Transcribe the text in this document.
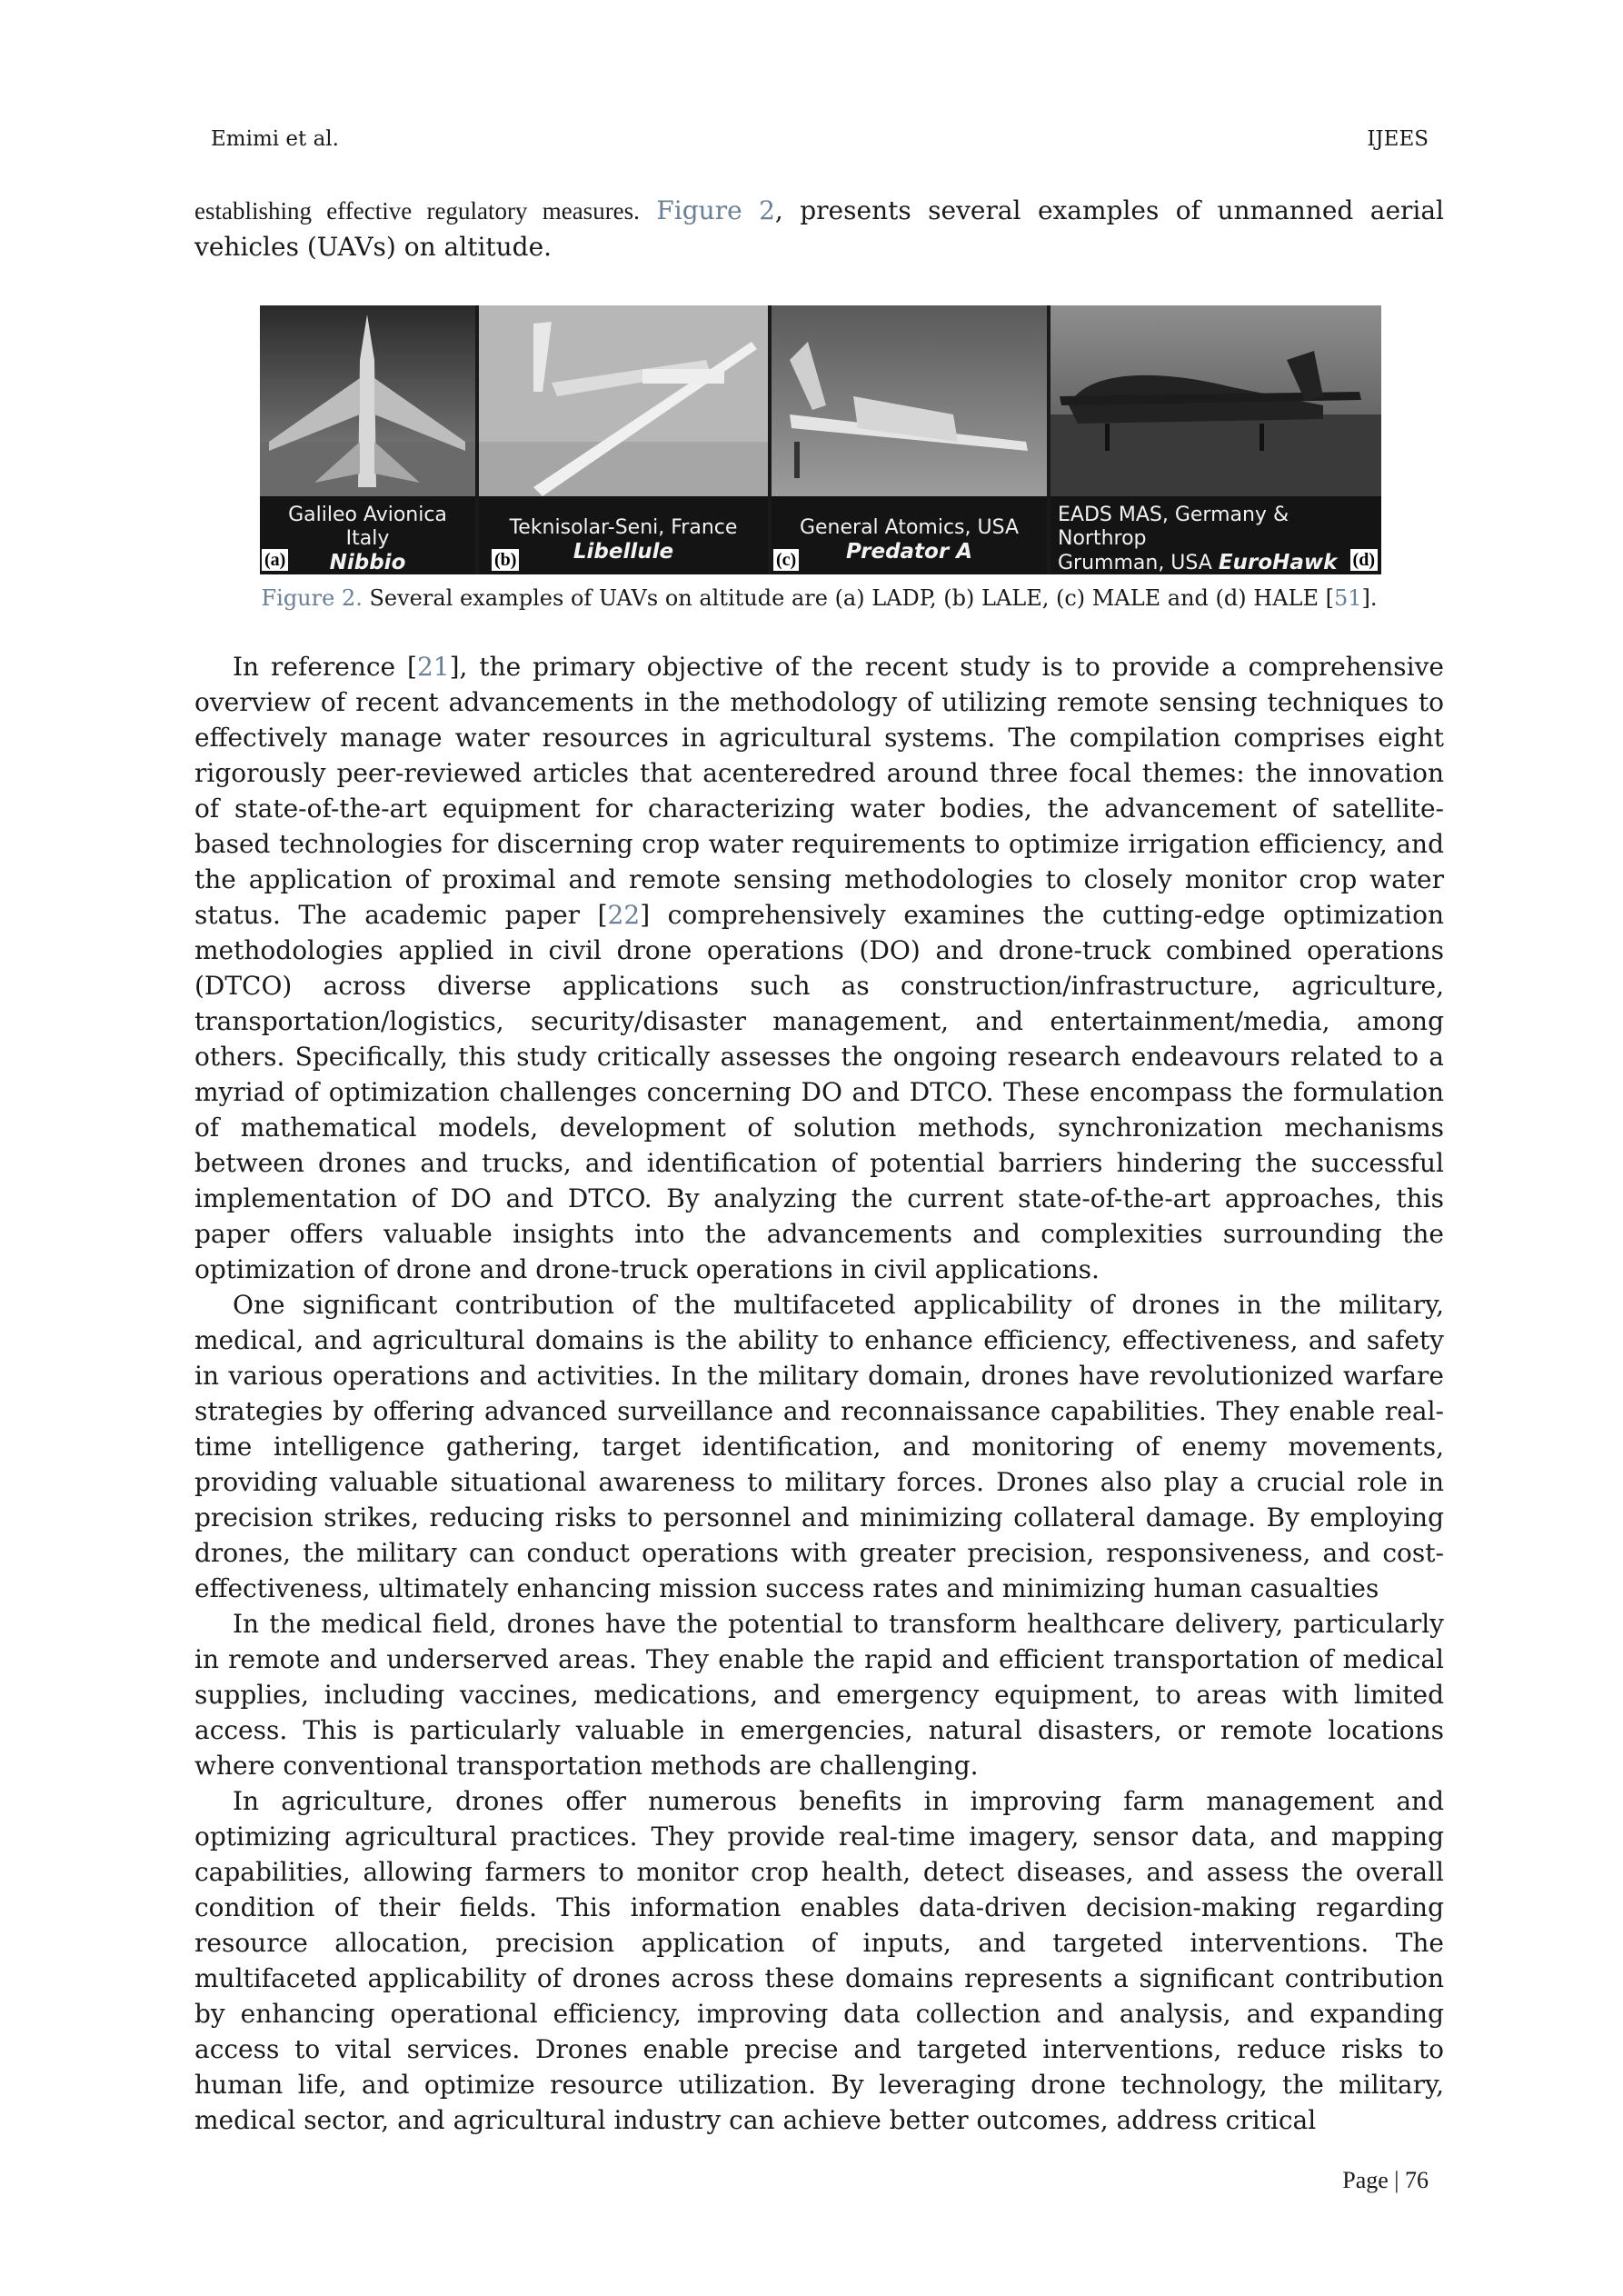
Emimi et al.	IJEES

establishing effective regulatory measures. Figure 2, presents several examples of unmanned aerial vehicles (UAVs) on altitude.

Galileo Avionica
Italy
Nibbio
(a)
Teknisolar-Seni, France
Libellule
(b)
General Atomics, USA
Predator A
(c)
EADS MAS, Germany & Northrop
Grumman, USA EuroHawk (d)
Figure 2. Several examples of UAVs on altitude are (a) LADP, (b) LALE, (c) MALE and (d) HALE [51].

In reference [21], the primary objective of the recent study is to provide a comprehensive overview of recent advancements in the methodology of utilizing remote sensing techniques to effectively manage water resources in agricultural systems. The compilation comprises eight rigorously peer-reviewed articles that acenteredred around three focal themes: the innovation of state-of-the-art equipment for characterizing water bodies, the advancement of satellite-based technologies for discerning crop water requirements to optimize irrigation efficiency, and the application of proximal and remote sensing methodologies to closely monitor crop water status. The academic paper [22] comprehensively examines the cutting-edge optimization methodologies applied in civil drone operations (DO) and drone-truck combined operations (DTCO) across diverse applications such as construction/infrastructure, agriculture, transportation/logistics, security/disaster management, and entertainment/media, among others. Specifically, this study critically assesses the ongoing research endeavours related to a myriad of optimization challenges concerning DO and DTCO. These encompass the formulation of mathematical models, development of solution methods, synchronization mechanisms between drones and trucks, and identification of potential barriers hindering the successful implementation of DO and DTCO. By analyzing the current state-of-the-art approaches, this paper offers valuable insights into the advancements and complexities surrounding the optimization of drone and drone-truck operations in civil applications.

One significant contribution of the multifaceted applicability of drones in the military, medical, and agricultural domains is the ability to enhance efficiency, effectiveness, and safety in various operations and activities. In the military domain, drones have revolutionized warfare strategies by offering advanced surveillance and reconnaissance capabilities. They enable real-time intelligence gathering, target identification, and monitoring of enemy movements, providing valuable situational awareness to military forces. Drones also play a crucial role in precision strikes, reducing risks to personnel and minimizing collateral damage. By employing drones, the military can conduct operations with greater precision, responsiveness, and cost-effectiveness, ultimately enhancing mission success rates and minimizing human casualties

In the medical field, drones have the potential to transform healthcare delivery, particularly in remote and underserved areas. They enable the rapid and efficient transportation of medical supplies, including vaccines, medications, and emergency equipment, to areas with limited access. This is particularly valuable in emergencies, natural disasters, or remote locations where conventional transportation methods are challenging.

In agriculture, drones offer numerous benefits in improving farm management and optimizing agricultural practices. They provide real-time imagery, sensor data, and mapping capabilities, allowing farmers to monitor crop health, detect diseases, and assess the overall condition of their fields. This information enables data-driven decision-making regarding resource allocation, precision application of inputs, and targeted interventions. The multifaceted applicability of drones across these domains represents a significant contribution by enhancing operational efficiency, improving data collection and analysis, and expanding access to vital services. Drones enable precise and targeted interventions, reduce risks to human life, and optimize resource utilization. By leveraging drone technology, the military, medical sector, and agricultural industry can achieve better outcomes, address critical

Page | 76
